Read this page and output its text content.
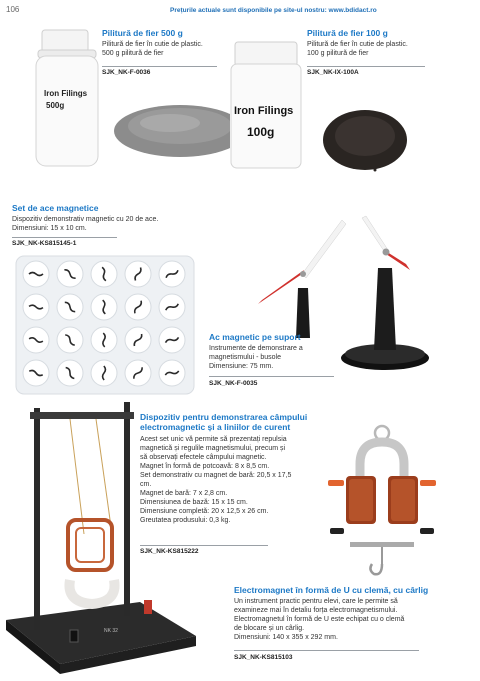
106	Prețurile actuale sunt disponibile pe site-ul nostru: www.bdidact.ro
Iron Filings
500g
Pilitură de fier 500 g
Pilitură de fier în cutie de plastic.
500 g pilitură de fier
SJK_NK-F-0036
Iron Filings
100g
Pilitură de fier 100 g
Pilitură de fier în cutie de plastic.
100 g pilitură de fier
SJK_NK-IX-100A
Set de ace magnetice
Dispozitiv demonstrativ magnetic cu 20 de ace.
Dimensiuni: 15 x 10 cm.
SJK_NK-KS815145-1
Ac magnetic pe suport
Instrumente de demonstrare a
magnetismului - busole
Dimensiune: 75 mm.
SJK_NK-F-0035
NK 32
Dispozitiv pentru demonstrarea câmpului
electromagnetic și a liniilor de curent
Acest set unic vă permite să prezentați repulsia
magnetică și regulile magnetismului, precum și
să observați efectele câmpului magnetic.
Magnet în formă de potcoavă: 8 x 8,5 cm.
Set demonstrativ cu magnet de bară: 20,5 x 17,5
cm.
Magnet de bară: 7 x 2,8 cm.
Dimensiunea de bază: 15 x 15 cm.
Dimensiune completă: 20 x 12,5 x 26 cm.
Greutatea produsului: 0,3 kg.
SJK_NK-KS815222
Electromagnet în formă de U cu clemă, cu cârlig
Un instrument practic pentru elevi, care le permite să
examineze mai în detaliu forța electromagnetismului.
Electromagnetul în formă de U este echipat cu o clemă
de blocare și un cârlig.
Dimensiuni: 140 x 355 x 292 mm.
SJK_NK-KS815103
